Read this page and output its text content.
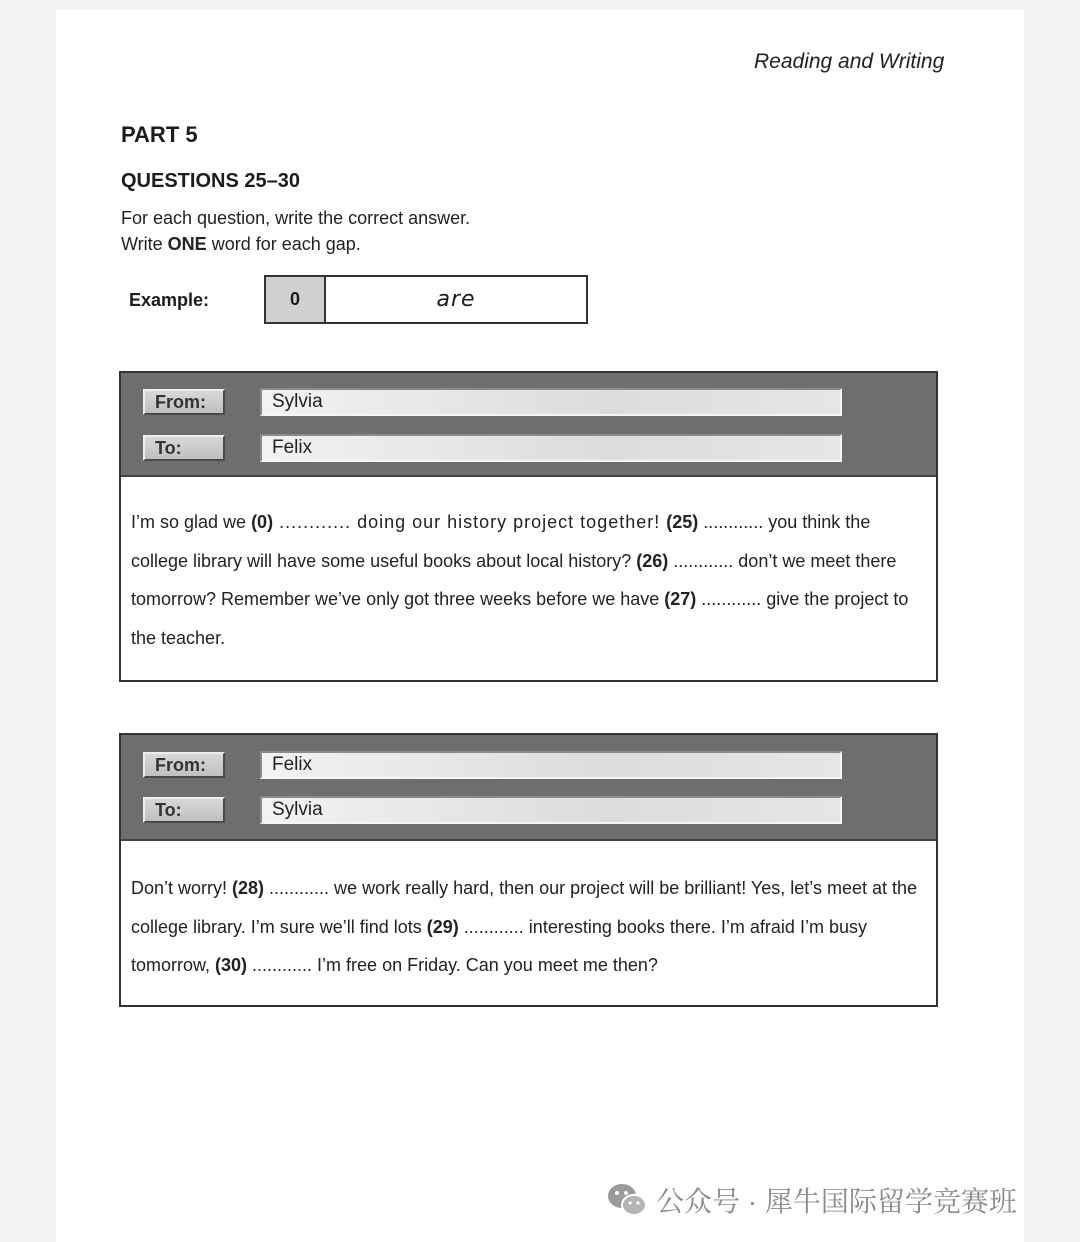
Reading and Writing
PART 5
QUESTIONS 25–30
For each question, write the correct answer.
Write ONE word for each gap.
Example:	0	are
From:	Sylvia
To:	Felix
I’m so glad we (0) ............ doing our history project together! (25) ............ you think the college library will have some useful books about local history? (26) ............ don’t we meet there tomorrow? Remember we’ve only got three weeks before we have (27) ............ give the project to the teacher.
From:	Felix
To:	Sylvia
Don’t worry! (28) ............ we work really hard, then our project will be brilliant! Yes, let’s meet at the college library. I’m sure we’ll find lots (29) ............ interesting books there. I’m afraid I’m busy tomorrow, (30) ............ I’m free on Friday. Can you meet me then?
公众号 · 犀牛国际留学竞赛班
